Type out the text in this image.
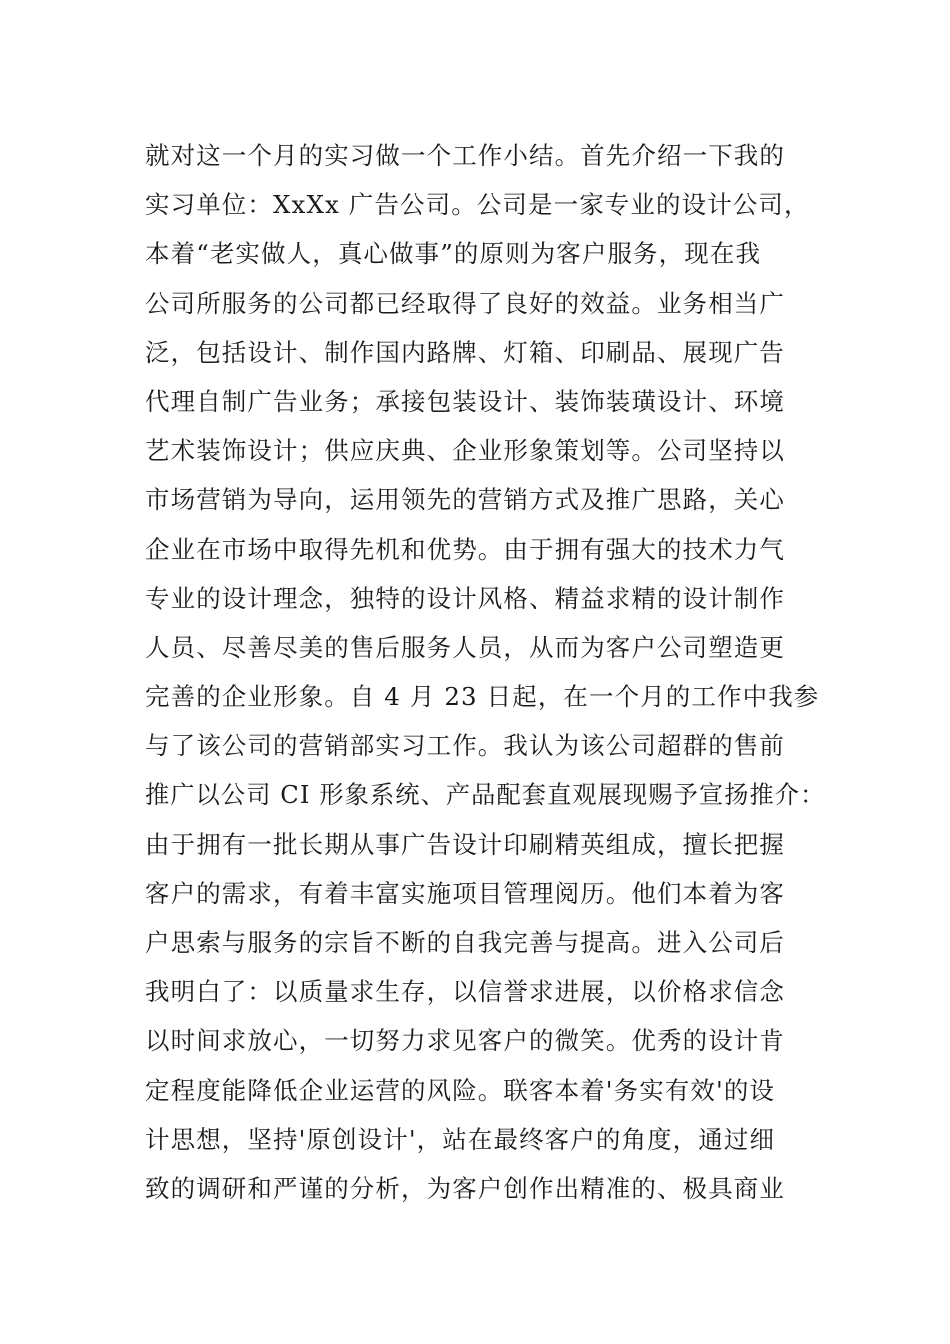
就对这一个月的实习做一个工作小结。首先介绍一下我的
实习单位：XxXx 广告公司。公司是一家专业的设计公司，
本着“老实做人，真心做事”的原则为客户服务，现在我
公司所服务的公司都已经取得了良好的效益。业务相当广
泛，包括设计、制作国内路牌、灯箱、印刷品、展现广告
代理自制广告业务；承接包装设计、装饰装璜设计、环境
艺术装饰设计；供应庆典、企业形象策划等。公司坚持以
市场营销为导向，运用领先的营销方式及推广思路，关心
企业在市场中取得先机和优势。由于拥有强大的技术力气
专业的设计理念，独特的设计风格、精益求精的设计制作
人员、尽善尽美的售后服务人员，从而为客户公司塑造更
完善的企业形象。自 4 月 23 日起，在一个月的工作中我参
与了该公司的营销部实习工作。我认为该公司超群的售前
推广以公司 CI 形象系统、产品配套直观展现赐予宣扬推介：
由于拥有一批长期从事广告设计印刷精英组成，擅长把握
客户的需求，有着丰富实施项目管理阅历。他们本着为客
户思索与服务的宗旨不断的自我完善与提高。进入公司后
我明白了：以质量求生存，以信誉求进展，以价格求信念
以时间求放心，一切努力求见客户的微笑。优秀的设计肯
定程度能降低企业运营的风险。联客本着'务实有效'的设
计思想，坚持'原创设计'，站在最终客户的角度，通过细
致的调研和严谨的分析，为客户创作出精准的、极具商业
